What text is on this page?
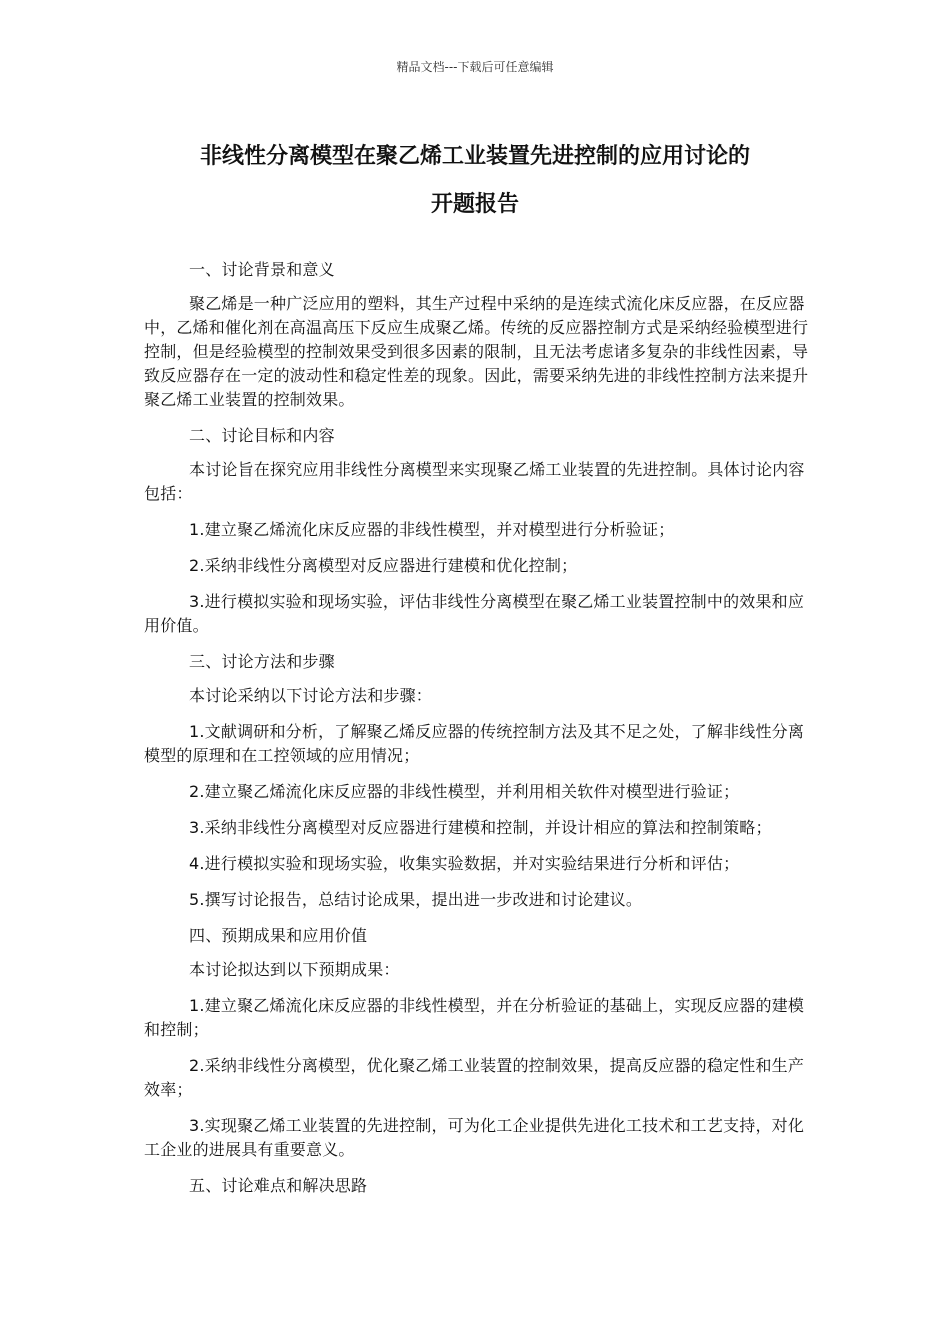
精品文档---下载后可任意编辑
非线性分离模型在聚乙烯工业装置先进控制的应用讨论的
开题报告

一、讨论背景和意义

聚乙烯是一种广泛应用的塑料，其生产过程中采纳的是连续式流化床反应器，在反应器中，乙烯和催化剂在高温高压下反应生成聚乙烯。传统的反应器控制方式是采纳经验模型进行控制，但是经验模型的控制效果受到很多因素的限制，且无法考虑诸多复杂的非线性因素，导致反应器存在一定的波动性和稳定性差的现象。因此，需要采纳先进的非线性控制方法来提升聚乙烯工业装置的控制效果。

二、讨论目标和内容

本讨论旨在探究应用非线性分离模型来实现聚乙烯工业装置的先进控制。具体讨论内容包括：

1.建立聚乙烯流化床反应器的非线性模型，并对模型进行分析验证；

2.采纳非线性分离模型对反应器进行建模和优化控制；

3.进行模拟实验和现场实验，评估非线性分离模型在聚乙烯工业装置控制中的效果和应用价值。

三、讨论方法和步骤

本讨论采纳以下讨论方法和步骤：

1.文献调研和分析，了解聚乙烯反应器的传统控制方法及其不足之处，了解非线性分离模型的原理和在工控领域的应用情况；

2.建立聚乙烯流化床反应器的非线性模型，并利用相关软件对模型进行验证；

3.采纳非线性分离模型对反应器进行建模和控制，并设计相应的算法和控制策略；

4.进行模拟实验和现场实验，收集实验数据，并对实验结果进行分析和评估；

5.撰写讨论报告，总结讨论成果，提出进一步改进和讨论建议。

四、预期成果和应用价值

本讨论拟达到以下预期成果：

1.建立聚乙烯流化床反应器的非线性模型，并在分析验证的基础上，实现反应器的建模和控制；

2.采纳非线性分离模型，优化聚乙烯工业装置的控制效果，提高反应器的稳定性和生产效率；

3.实现聚乙烯工业装置的先进控制，可为化工企业提供先进化工技术和工艺支持，对化工企业的进展具有重要意义。

五、讨论难点和解决思路
